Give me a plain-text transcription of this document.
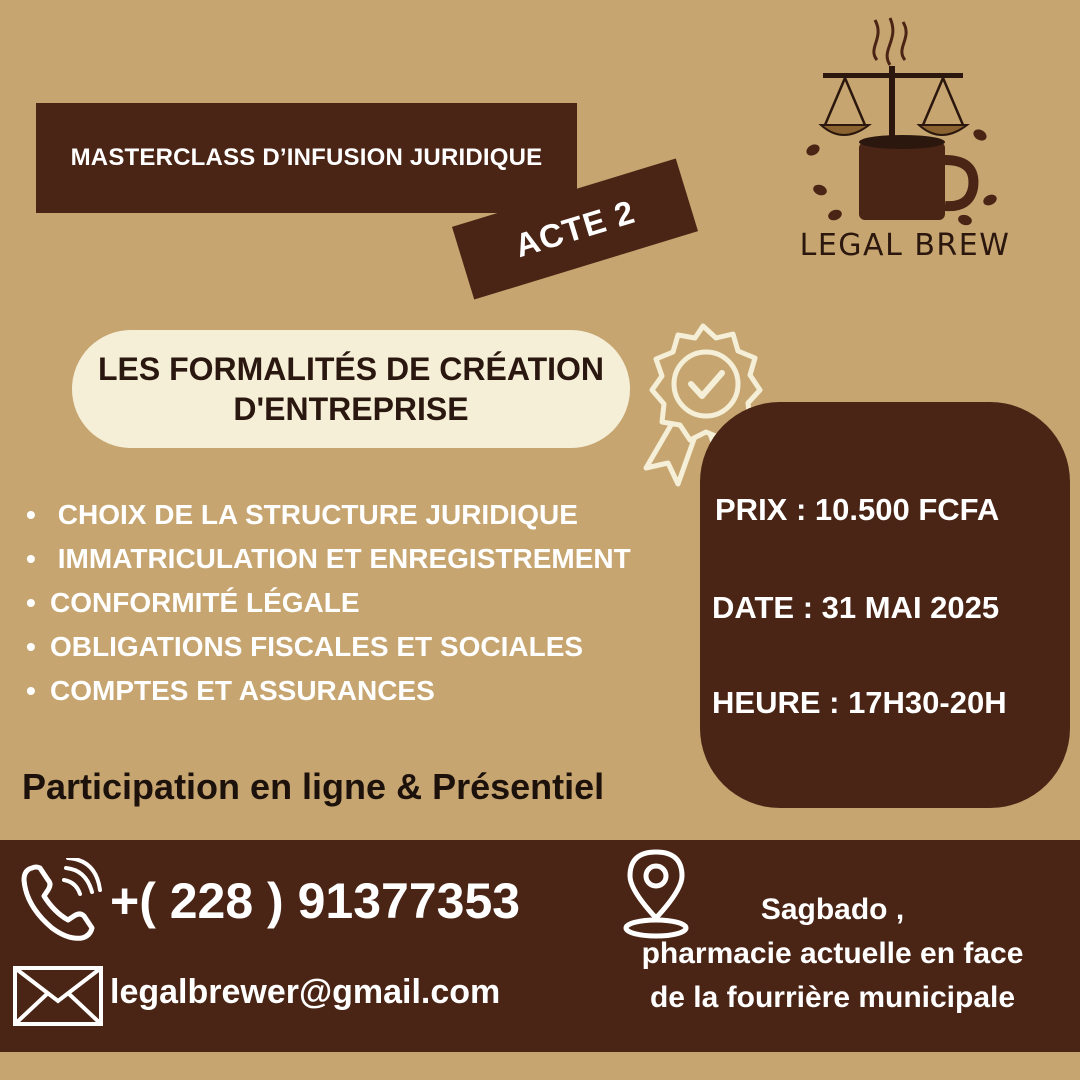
MASTERCLASS D’INFUSION JURIDIQUE
ACTE 2	LEGAL BREW
LES FORMALITÉS DE CRÉATION
D'ENTREPRISE
• CHOIX DE LA STRUCTURE JURIDIQUE
• IMMATRICULATION ET ENREGISTREMENT
• CONFORMITÉ LÉGALE
• OBLIGATIONS FISCALES ET SOCIALES
• COMPTES ET ASSURANCES
PRIX : 10.500 FCFA
DATE : 31 MAI 2025
HEURE : 17H30-20H
Participation en ligne & Présentiel
+( 228 ) 91377353
legalbrewer@gmail.com
Sagbado ,
pharmacie actuelle en face
de la fourrière municipale
